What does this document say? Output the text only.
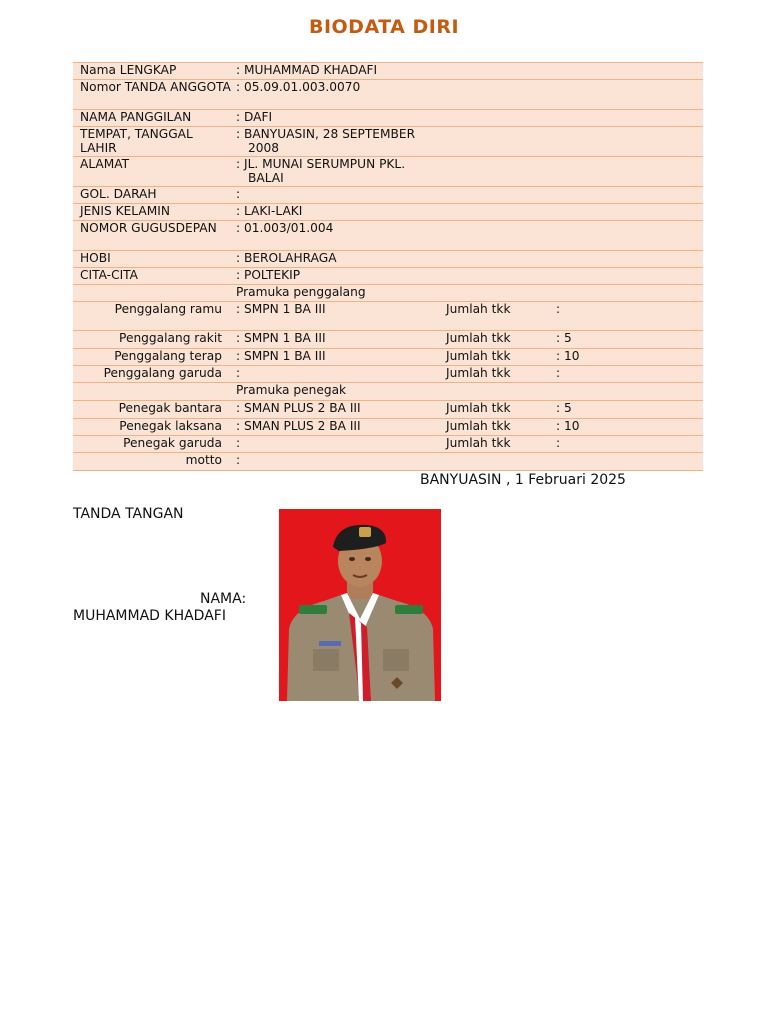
BIODATA DIRI
Nama LENGKAP	: MUHAMMAD KHADAFI		
Nomor TANDA ANGGOTA	: 05.09.01.003.0070		
NAMA PANGGILAN	: DAFI		
TEMPAT, TANGGAL LAHIR	: BANYUASIN, 28 SEPTEMBER 2008		

ALAMAT	: JL. MUNAI SERUMPUN PKL. BALAI		

GOL. DARAH	:		
JENIS KELAMIN	: LAKI-LAKI		
NOMOR GUGUSDEPAN	: 01.003/01.004		
HOBI	: BEROLAHRAGA		
CITA-CITA	: POLTEKIP		
	Pramuka penggalang		
Penggalang ramu	: SMPN 1 BA III	Jumlah tkk	:
Penggalang rakit	: SMPN 1 BA III	Jumlah tkk	: 5
Penggalang terap	: SMPN 1 BA III	Jumlah tkk	: 10
Penggalang garuda	:	Jumlah tkk	:
	Pramuka penegak		
Penegak bantara	: SMAN PLUS 2 BA III	Jumlah tkk	: 5
Penegak laksana	: SMAN PLUS 2 BA III	Jumlah tkk	: 10
Penegak garuda	:	Jumlah tkk	:
motto	:		
BANYUASIN , 1 Februari 2025
TANDA TANGAN
NAMA:
MUHAMMAD KHADAFI
